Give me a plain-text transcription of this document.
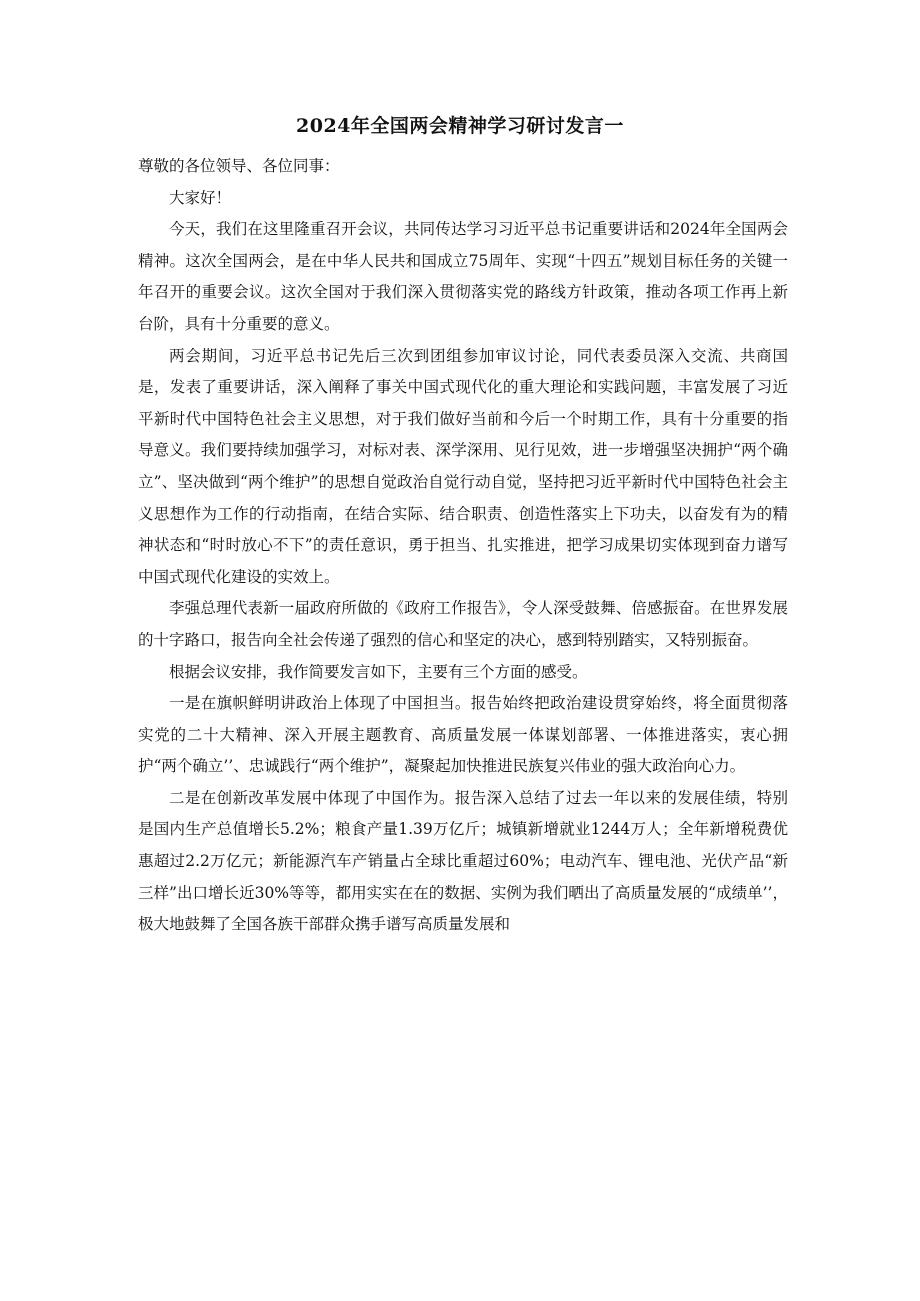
2024年全国两会精神学习研讨发言一

尊敬的各位领导、各位同事：

大家好！

今天，我们在这里隆重召开会议，共同传达学习习近平总书记重要讲话和2024年全国两会精神。这次全国两会，是在中华人民共和国成立75周年、实现“十四五”规划目标任务的关键一年召开的重要会议。这次全国对于我们深入贯彻落实党的路线方针政策，推动各项工作再上新台阶，具有十分重要的意义。

两会期间，习近平总书记先后三次到团组参加审议讨论，同代表委员深入交流、共商国是，发表了重要讲话，深入阐释了事关中国式现代化的重大理论和实践问题，丰富发展了习近平新时代中国特色社会主义思想，对于我们做好当前和今后一个时期工作，具有十分重要的指导意义。我们要持续加强学习，对标对表、深学深用、见行见效，进一步增强坚决拥护“两个确立”、坚决做到“两个维护”的思想自觉政治自觉行动自觉，坚持把习近平新时代中国特色社会主义思想作为工作的行动指南，在结合实际、结合职责、创造性落实上下功夫，以奋发有为的精神状态和“时时放心不下”的责任意识，勇于担当、扎实推进，把学习成果切实体现到奋力谱写中国式现代化建设的实效上。

李强总理代表新一届政府所做的《政府工作报告》，令人深受鼓舞、倍感振奋。在世界发展的十字路口，报告向全社会传递了强烈的信心和坚定的决心，感到特别踏实，又特别振奋。

根据会议安排，我作简要发言如下，主要有三个方面的感受。

一是在旗帜鲜明讲政治上体现了中国担当。报告始终把政治建设贯穿始终，将全面贯彻落实党的二十大精神、深入开展主题教育、高质量发展一体谋划部署、一体推进落实，衷心拥护“两个确立’’、忠诚践行“两个维护”，凝聚起加快推进民族复兴伟业的强大政治向心力。

二是在创新改革发展中体现了中国作为。报告深入总结了过去一年以来的发展佳绩，特别是国内生产总值增长5.2%；粮食产量1.39万亿斤；城镇新增就业1244万人；全年新增税费优惠超过2.2万亿元；新能源汽车产销量占全球比重超过60%；电动汽车、锂电池、光伏产品“新三样”出口增长近30%等等，都用实实在在的数据、实例为我们晒出了高质量发展的“成绩单’’，极大地鼓舞了全国各族干部群众携手谱写高质量发展和
